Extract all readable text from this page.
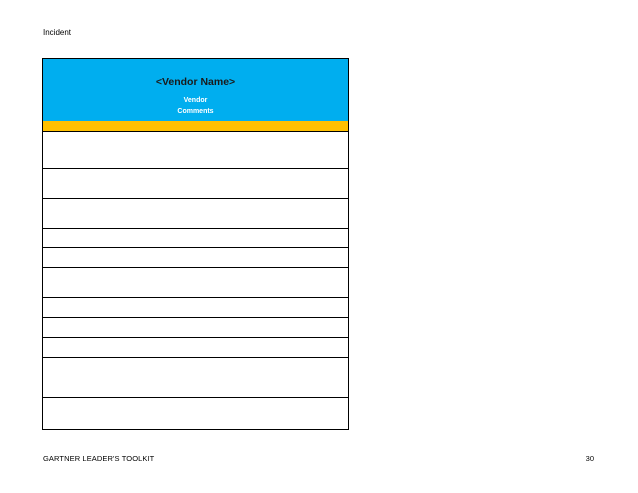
Incident
<Vendor Name>
Vendor
Comments
GARTNER LEADER'S TOOLKIT	30
